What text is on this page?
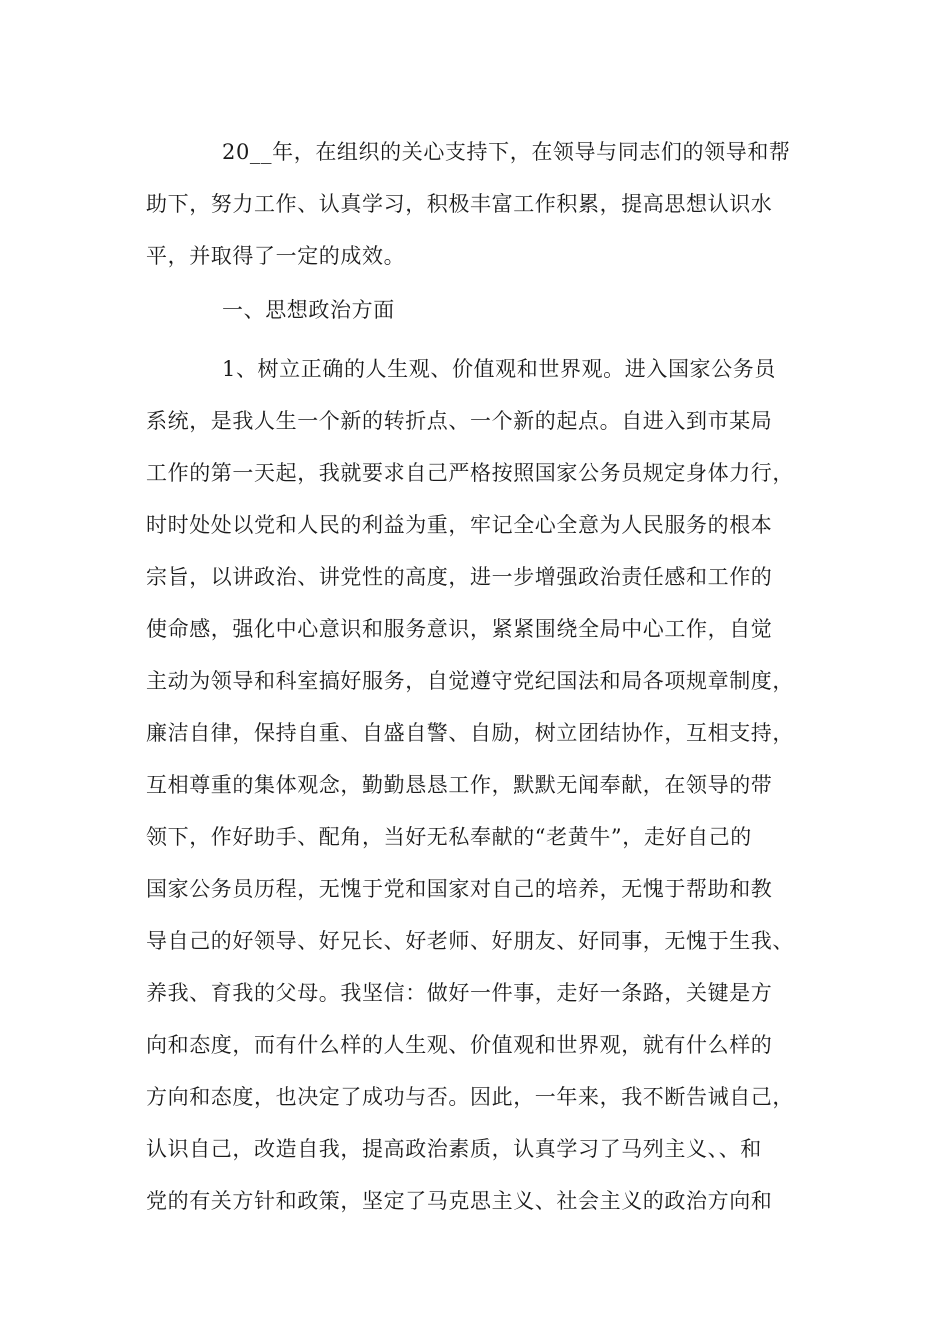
20__年，在组织的关心支持下，在领导与同志们的领导和帮
助下，努力工作、认真学习，积极丰富工作积累，提高思想认识水
平，并取得了一定的成效。
一、思想政治方面
1、树立正确的人生观、价值观和世界观。进入国家公务员
系统，是我人生一个新的转折点、一个新的起点。自进入到市某局
工作的第一天起，我就要求自己严格按照国家公务员规定身体力行，
时时处处以党和人民的利益为重，牢记全心全意为人民服务的根本
宗旨，以讲政治、讲党性的高度，进一步增强政治责任感和工作的
使命感，强化中心意识和服务意识，紧紧围绕全局中心工作，自觉
主动为领导和科室搞好服务，自觉遵守党纪国法和局各项规章制度，
廉洁自律，保持自重、自盛自警、自励，树立团结协作，互相支持，
互相尊重的集体观念，勤勤恳恳工作，默默无闻奉献，在领导的带
领下，作好助手、配角，当好无私奉献的“老黄牛”，走好自己的
国家公务员历程，无愧于党和国家对自己的培养，无愧于帮助和教
导自己的好领导、好兄长、好老师、好朋友、好同事，无愧于生我、
养我、育我的父母。我坚信：做好一件事，走好一条路，关键是方
向和态度，而有什么样的人生观、价值观和世界观，就有什么样的
方向和态度，也决定了成功与否。因此，一年来，我不断告诫自己，
认识自己，改造自我，提高政治素质，认真学习了马列主义、、和
党的有关方针和政策，坚定了马克思主义、社会主义的政治方向和
